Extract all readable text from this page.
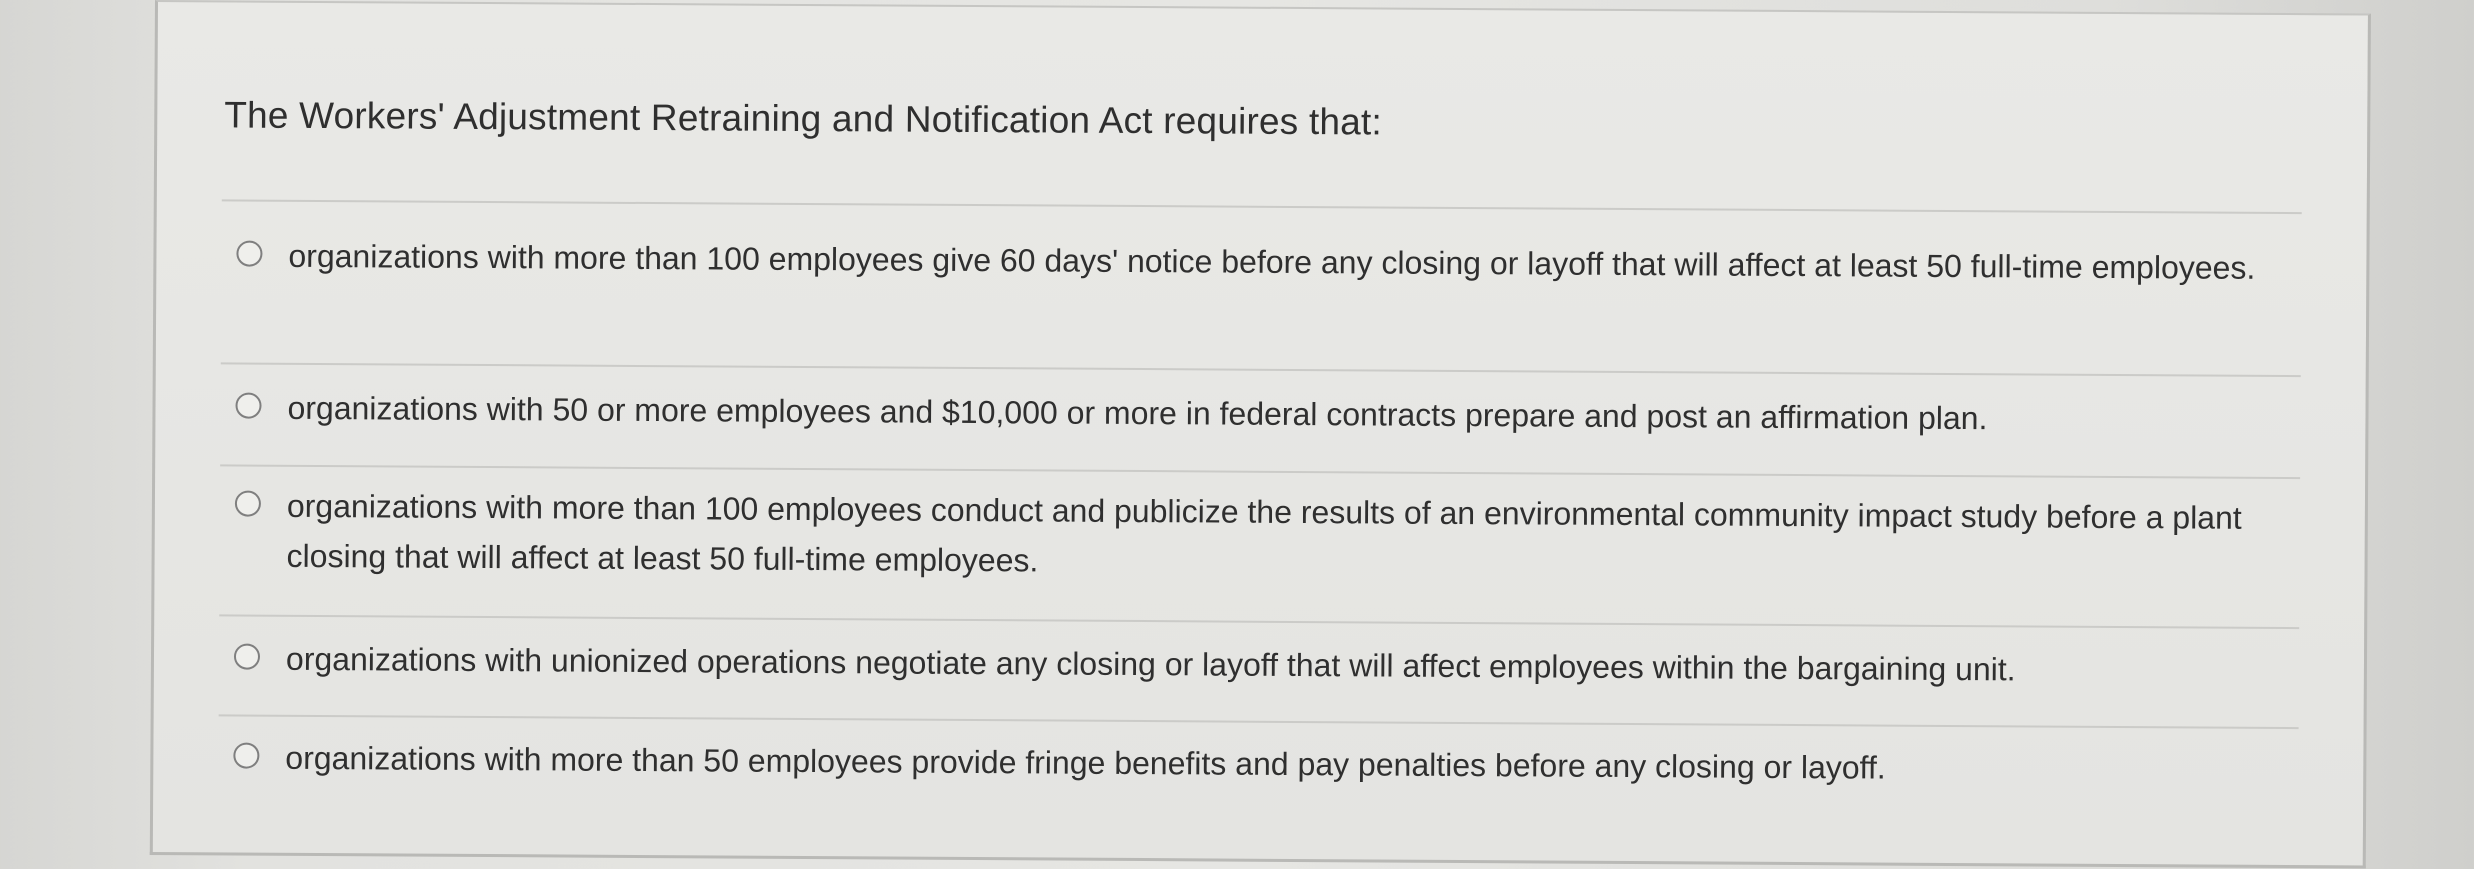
The Workers' Adjustment Retraining and Notification Act requires that:
organizations with more than 100 employees give 60 days' notice before any closing or layoff that will affect at least 50 full-time employees.
organizations with 50 or more employees and $10,000 or more in federal contracts prepare and post an affirmation plan.
organizations with more than 100 employees conduct and publicize the results of an environmental community impact study before a plant closing that will affect at least 50 full-time employees.
organizations with unionized operations negotiate any closing or layoff that will affect employees within the bargaining unit.
organizations with more than 50 employees provide fringe benefits and pay penalties before any closing or layoff.
